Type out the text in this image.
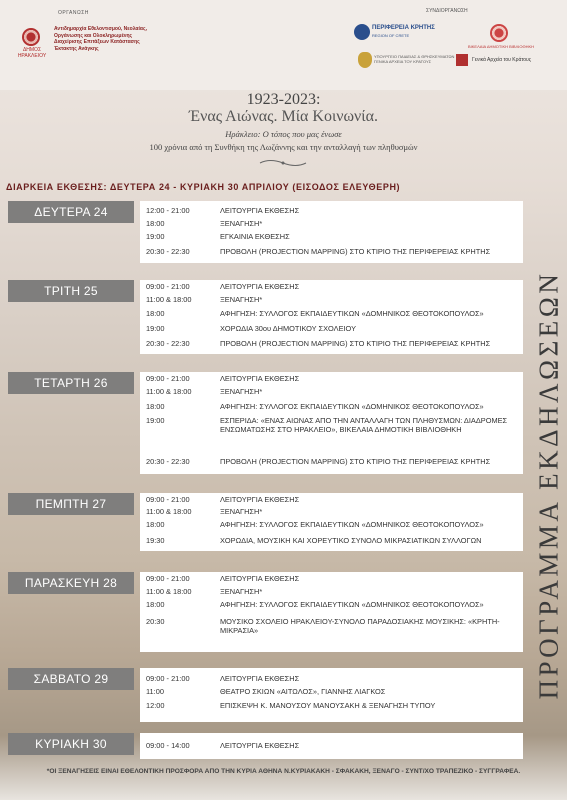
ΟΡΓΑΝΩΣΗ
ΔΗΜΟΣ ΗΡΑΚΛΕΙΟΥ
Αντιδημαρχία Εθελοντισμού, Νεολαίας, Οργάνωσης και Ολοκληρωμένης Διαχείρισης Επιτάξεων Κατάστασης Έκτακτης Ανάγκης
ΣΥΝΔΙΟΡΓΑΝΩΣΗ
ΠΕΡΙΦΕΡΕΙΑ ΚΡΗΤΗΣ
REGION OF CRETE
ΒΙΚΕΛΑΙΑ ΔΗΜΟΤΙΚΗ ΒΙΒΛΙΟΘΗΚΗ
ΥΠΟΥΡΓΕΙΟ ΠΑΙΔΕΙΑΣ & ΘΡΗΣΚΕΥΜΑΤΩΝ ΓΕΝΙΚΑ ΑΡΧΕΙΑ ΤΟΥ ΚΡΑΤΟΥΣ	Γενικά Αρχεία του Κράτους
1923-2023:
Ένας Αιώνας. Μία Κοινωνία.
Ηράκλειο: Ο τόπος που μας ένωσε
100 χρόνια από τη Συνθήκη της Λωζάννης και την ανταλλαγή των πληθυσμών
ΔΙΑΡΚΕΙΑ ΕΚΘΕΣΗΣ: ΔΕΥΤΕΡΑ 24 - ΚΥΡΙΑΚΗ 30 ΑΠΡΙΛΙΟΥ (ΕΙΣΟΔΟΣ ΕΛΕΥΘΕΡΗ)
ΔΕΥΤΕΡΑ 24	12:00 - 21:00	ΛΕΙΤΟΥΡΓΙΑ ΕΚΘΕΣΗΣ
18:00	ΞΕΝΑΓΗΣΗ*
19:00	ΕΓΚΑΙΝΙΑ ΕΚΘΕΣΗΣ
20:30 - 22:30	ΠΡΟΒΟΛΗ (PROJECTION MAPPING) ΣΤΟ ΚΤΙΡΙΟ ΤΗΣ ΠΕΡΙΦΕΡΕΙΑΣ ΚΡΗΤΗΣ
ΤΡΙΤΗ 25	09:00 - 21:00	ΛΕΙΤΟΥΡΓΙΑ ΕΚΘΕΣΗΣ
11:00 & 18:00	ΞΕΝΑΓΗΣΗ*
18:00	ΑΦΗΓΗΣΗ: ΣΥΛΛΟΓΟΣ ΕΚΠΑΙΔΕΥΤΙΚΩΝ «ΔΟΜΗΝΙΚΟΣ ΘΕΟΤΟΚΟΠΟΥΛΟΣ»
19:00	ΧΟΡΩΔΙΑ 30ου ΔΗΜΟΤΙΚΟΥ ΣΧΟΛΕΙΟΥ
20:30 - 22:30	ΠΡΟΒΟΛΗ (PROJECTION MAPPING) ΣΤΟ ΚΤΙΡΙΟ ΤΗΣ ΠΕΡΙΦΕΡΕΙΑΣ ΚΡΗΤΗΣ
ΤΕΤΑΡΤΗ 26	09:00 - 21:00	ΛΕΙΤΟΥΡΓΙΑ ΕΚΘΕΣΗΣ
11:00 & 18:00	ΞΕΝΑΓΗΣΗ*
18:00	ΑΦΗΓΗΣΗ: ΣΥΛΛΟΓΟΣ ΕΚΠΑΙΔΕΥΤΙΚΩΝ «ΔΟΜΗΝΙΚΟΣ ΘΕΟΤΟΚΟΠΟΥΛΟΣ»
19:00	ΕΣΠΕΡΙΔΑ: «ΕΝΑΣ ΑΙΩΝΑΣ ΑΠΟ ΤΗΝ ΑΝΤΑΛΛΑΓΗ ΤΩΝ ΠΛΗΘΥΣΜΩΝ: ΔΙΑΔΡΟΜΕΣ ΕΝΣΩΜΑΤΩΣΗΣ ΣΤΟ ΗΡΑΚΛΕΙΟ», ΒΙΚΕΛΑΙΑ ΔΗΜΟΤΙΚΗ ΒΙΒΛΙΟΘΗΚΗ
20:30 - 22:30	ΠΡΟΒΟΛΗ (PROJECTION MAPPING) ΣΤΟ ΚΤΙΡΙΟ ΤΗΣ ΠΕΡΙΦΕΡΕΙΑΣ ΚΡΗΤΗΣ
ΠΕΜΠΤΗ 27	09:00 - 21:00	ΛΕΙΤΟΥΡΓΙΑ ΕΚΘΕΣΗΣ
11:00 & 18:00	ΞΕΝΑΓΗΣΗ*
18:00	ΑΦΗΓΗΣΗ: ΣΥΛΛΟΓΟΣ ΕΚΠΑΙΔΕΥΤΙΚΩΝ «ΔΟΜΗΝΙΚΟΣ ΘΕΟΤΟΚΟΠΟΥΛΟΣ»
19:30	ΧΟΡΩΔΙΑ, ΜΟΥΣΙΚΗ ΚΑΙ ΧΟΡΕΥΤΙΚΟ ΣΥΝΟΛΟ ΜΙΚΡΑΣΙΑΤΙΚΩΝ ΣΥΛΛΟΓΩΝ
ΠΑΡΑΣΚΕΥΗ 28	09:00 - 21:00	ΛΕΙΤΟΥΡΓΙΑ ΕΚΘΕΣΗΣ
11:00 & 18:00	ΞΕΝΑΓΗΣΗ*
18:00	ΑΦΗΓΗΣΗ: ΣΥΛΛΟΓΟΣ ΕΚΠΑΙΔΕΥΤΙΚΩΝ «ΔΟΜΗΝΙΚΟΣ ΘΕΟΤΟΚΟΠΟΥΛΟΣ»
20:30	ΜΟΥΣΙΚΟ ΣΧΟΛΕΙΟ ΗΡΑΚΛΕΙΟΥ-ΣΥΝΟΛΟ ΠΑΡΑΔΟΣΙΑΚΗΣ ΜΟΥΣΙΚΗΣ: «ΚΡΗΤΗ-ΜΙΚΡΑΣΙΑ»
ΣΑΒΒΑΤΟ 29	09:00 - 21:00	ΛΕΙΤΟΥΡΓΙΑ ΕΚΘΕΣΗΣ
11:00	ΘΕΑΤΡΟ ΣΚΙΩΝ «ΑΙΤΩΛΟΣ», ΓΙΑΝΝΗΣ ΛΙΑΓΚΟΣ
12:00	ΕΠΙΣΚΕΨΗ Κ. ΜΑΝΟΥΣΟΥ ΜΑΝΟΥΣΑΚΗ & ΞΕΝΑΓΗΣΗ ΤΥΠΟΥ
ΚΥΡΙΑΚΗ 30	09:00 - 14:00	ΛΕΙΤΟΥΡΓΙΑ ΕΚΘΕΣΗΣ
ΠΡΟΓΡΑΜΜΑ ΕΚΔΗΛΩΣΕΩΝ
*ΟΙ ΞΕΝΑΓΗΣΕΙΣ ΕΙΝΑΙ ΕΘΕΛΟΝΤΙΚΗ ΠΡΟΣΦΟΡΑ ΑΠΟ ΤΗΝ ΚΥΡΙΑ ΑΘΗΝΑ Ν.ΚΥΡΙΑΚΑΚΗ - ΣΦΑΚΑΚΗ, ΞΕΝΑΓΟ - ΣΥΝΤ/ΧΟ ΤΡΑΠΕΖΙΚΟ - ΣΥΓΓΡΑΦΕΑ.
